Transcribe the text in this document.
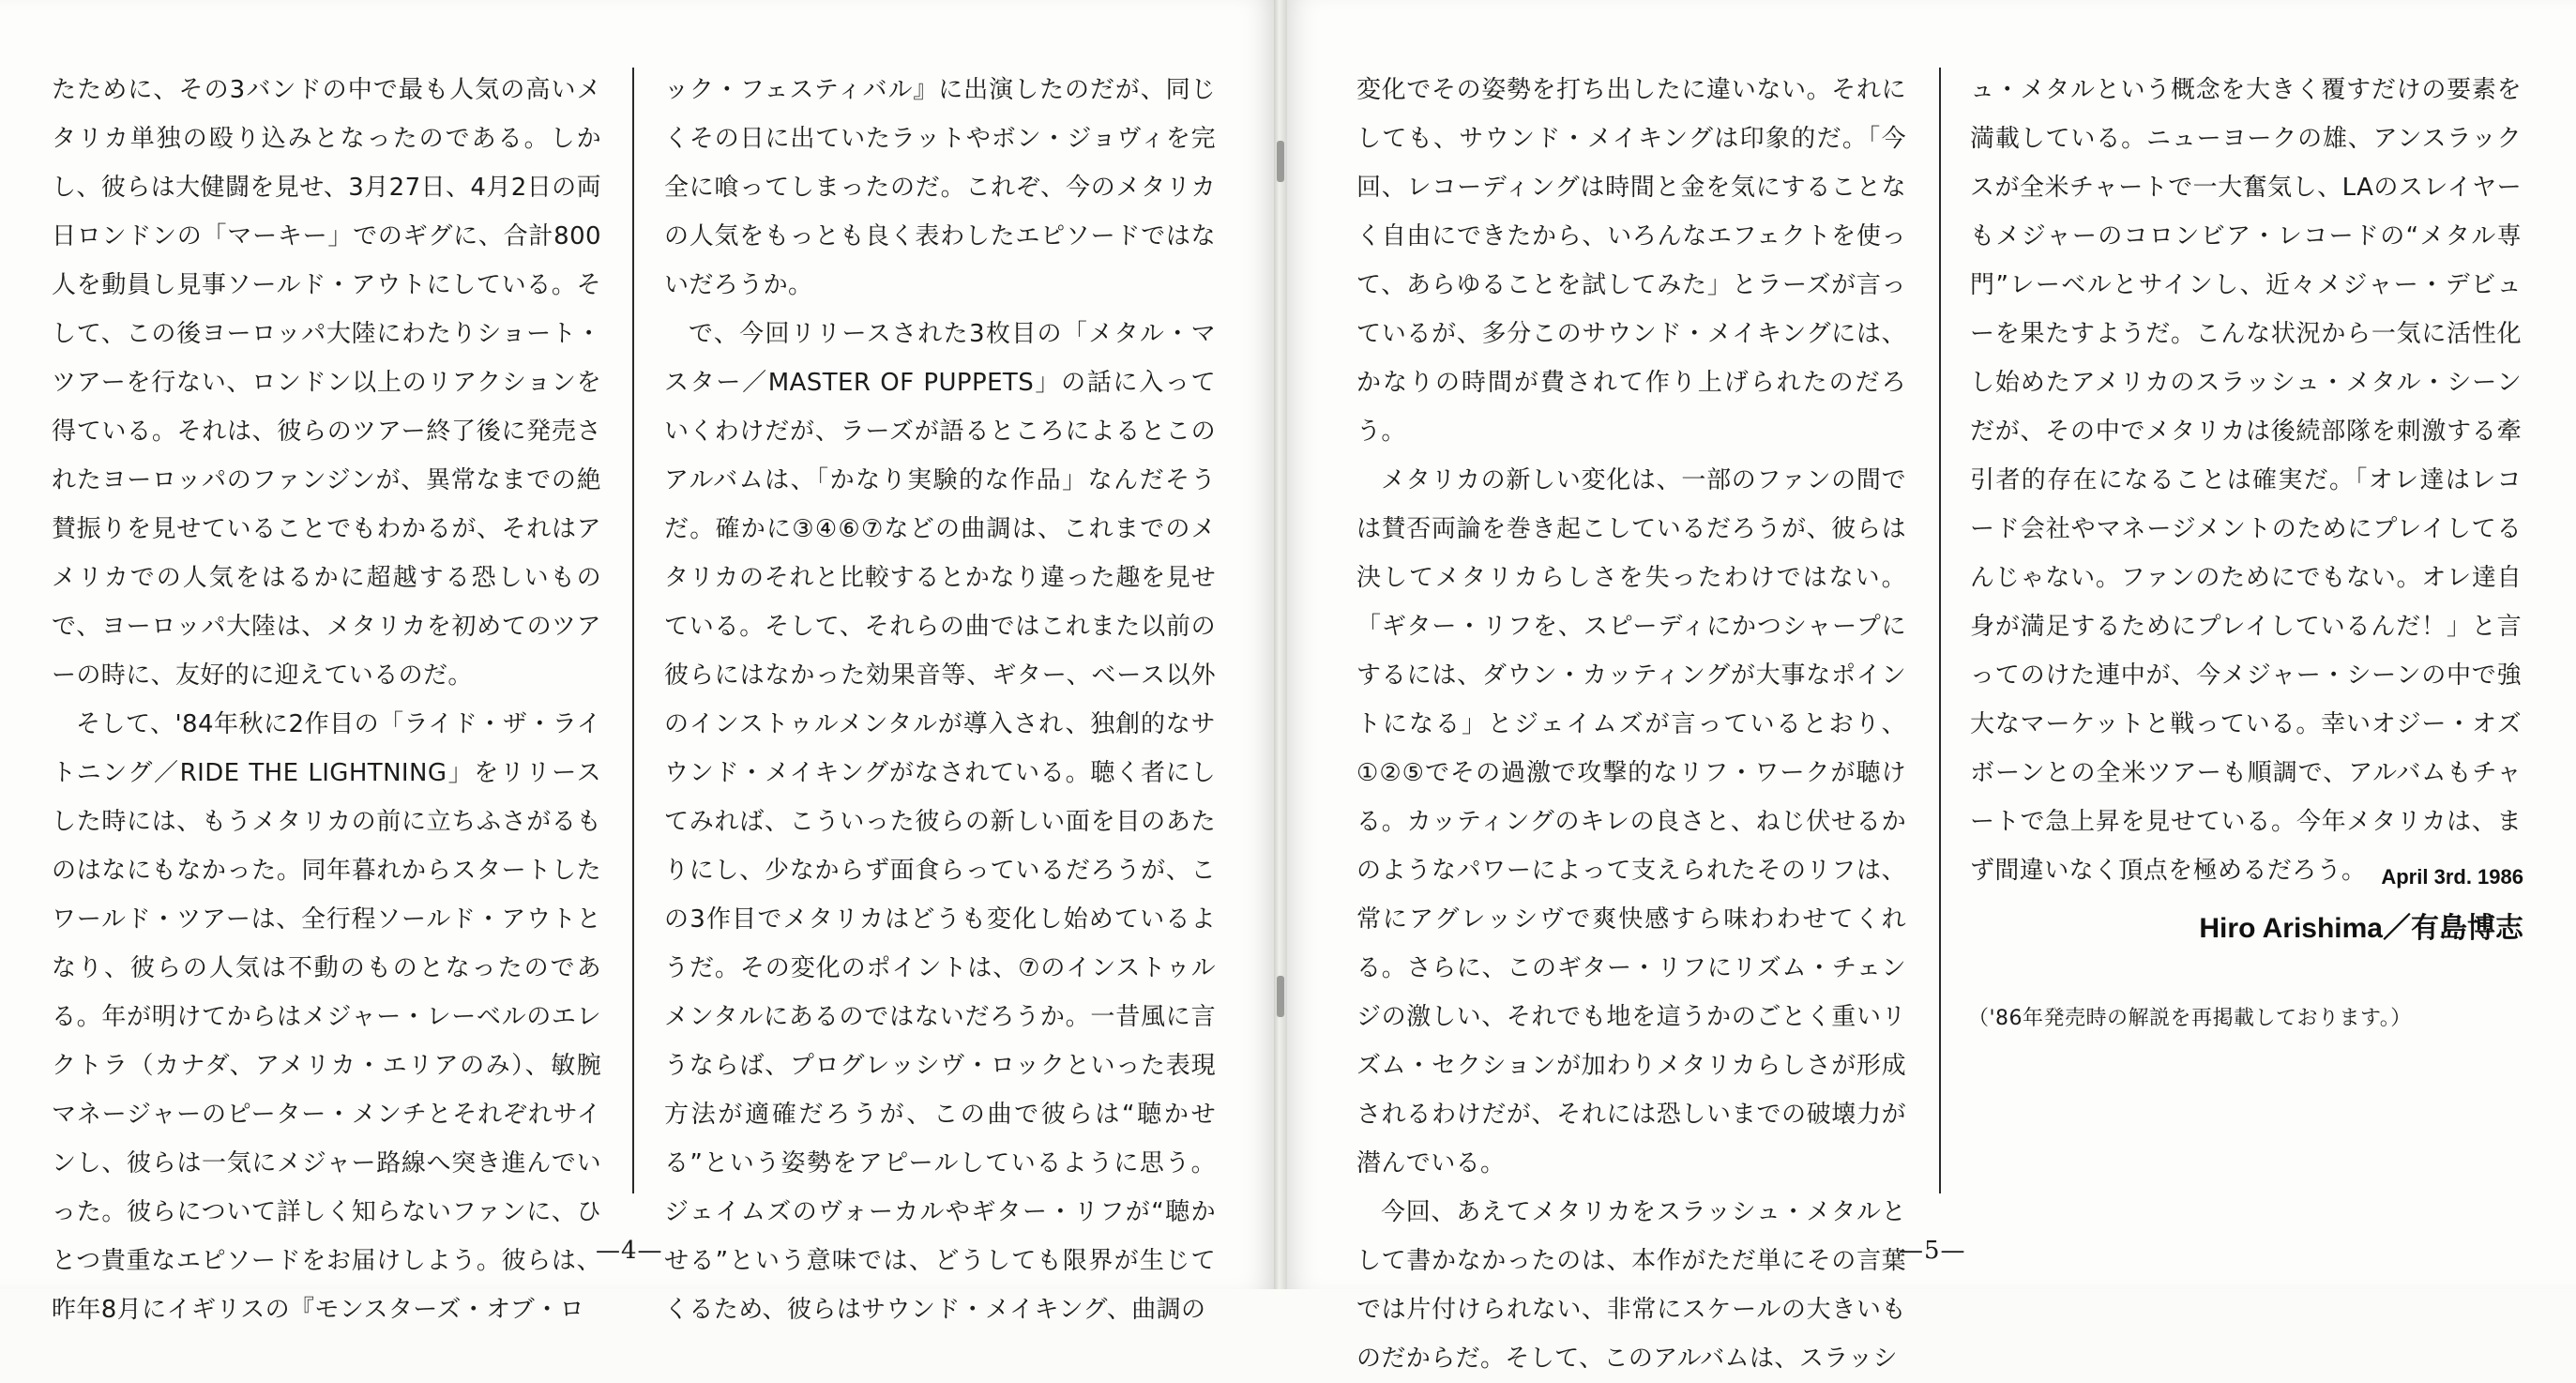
たために、その3バンドの中で最も人気の高いメタリカ単独の殴り込みとなったのである。しかし、彼らは大健闘を見せ、3月27日、4月2日の両日ロンドンの「マーキー」でのギグに、合計800人を動員し見事ソールド・アウトにしている。そして、この後ヨーロッパ大陸にわたりショート・ツアーを行ない、ロンドン以上のリアクションを得ている。それは、彼らのツアー終了後に発売されたヨーロッパのファンジンが、異常なまでの絶賛振りを見せていることでもわかるが、それはアメリカでの人気をはるかに超越する恐しいもので、ヨーロッパ大陸は、メタリカを初めてのツアーの時に、友好的に迎えているのだ。

そして、'84年秋に2作目の「ライド・ザ・ライトニング／RIDE THE LIGHTNING」をリリースした時には、もうメタリカの前に立ちふさがるものはなにもなかった。同年暮れからスタートしたワールド・ツアーは、全行程ソールド・アウトとなり、彼らの人気は不動のものとなったのである。年が明けてからはメジャー・レーベルのエレクトラ（カナダ、アメリカ・エリアのみ）、敏腕マネージャーのピーター・メンチとそれぞれサインし、彼らは一気にメジャー路線へ突き進んでいった。彼らについて詳しく知らないファンに、ひとつ貴重なエピソードをお届けしよう。彼らは、昨年8月にイギリスの『モンスターズ・オブ・ロ

ック・フェスティバル』に出演したのだが、同じくその日に出ていたラットやボン・ジョヴィを完全に喰ってしまったのだ。これぞ、今のメタリカの人気をもっとも良く表わしたエピソードではないだろうか。

で、今回リリースされた3枚目の「メタル・マスター／MASTER OF PUPPETS」の話に入っていくわけだが、ラーズが語るところによるとこのアルバムは、「かなり実験的な作品」なんだそうだ。確かに③④⑥⑦などの曲調は、これまでのメタリカのそれと比較するとかなり違った趣を見せている。そして、それらの曲ではこれまた以前の彼らにはなかった効果音等、ギター、ベース以外のインストゥルメンタルが導入され、独創的なサウンド・メイキングがなされている。聴く者にしてみれば、こういった彼らの新しい面を目のあたりにし、少なからず面食らっているだろうが、この3作目でメタリカはどうも変化し始めているようだ。その変化のポイントは、⑦のインストゥルメンタルにあるのではないだろうか。一昔風に言うならば、プログレッシヴ・ロックといった表現方法が適確だろうが、この曲で彼らは“聴かせる”という姿勢をアピールしているように思う。ジェイムズのヴォーカルやギター・リフが“聴かせる”という意味では、どうしても限界が生じてくるため、彼らはサウンド・メイキング、曲調の

—4—

変化でその姿勢を打ち出したに違いない。それにしても、サウンド・メイキングは印象的だ。「今回、レコーディングは時間と金を気にすることなく自由にできたから、いろんなエフェクトを使って、あらゆることを試してみた」とラーズが言っているが、多分このサウンド・メイキングには、かなりの時間が費されて作り上げられたのだろう。

メタリカの新しい変化は、一部のファンの間では賛否両論を巻き起こしているだろうが、彼らは決してメタリカらしさを失ったわけではない。「ギター・リフを、スピーディにかつシャープにするには、ダウン・カッティングが大事なポイントになる」とジェイムズが言っているとおり、①②⑤でその過激で攻撃的なリフ・ワークが聴ける。カッティングのキレの良さと、ねじ伏せるかのようなパワーによって支えられたそのリフは、常にアグレッシヴで爽快感すら味わわせてくれる。さらに、このギター・リフにリズム・チェンジの激しい、それでも地を這うかのごとく重いリズム・セクションが加わりメタリカらしさが形成されるわけだが、それには恐しいまでの破壊力が潜んでいる。

今回、あえてメタリカをスラッシュ・メタルとして書かなかったのは、本作がただ単にその言葉では片付けられない、非常にスケールの大きいものだからだ。そして、このアルバムは、スラッシ

ュ・メタルという概念を大きく覆すだけの要素を満載している。ニューヨークの雄、アンスラックスが全米チャートで一大奮気し、LAのスレイヤーもメジャーのコロンビア・レコードの“メタル専門”レーベルとサインし、近々メジャー・デビューを果たすようだ。こんな状況から一気に活性化し始めたアメリカのスラッシュ・メタル・シーンだが、その中でメタリカは後続部隊を刺激する牽引者的存在になることは確実だ。「オレ達はレコード会社やマネージメントのためにプレイしてるんじゃない。ファンのためにでもない。オレ達自身が満足するためにプレイしているんだ！」と言ってのけた連中が、今メジャー・シーンの中で強大なマーケットと戦っている。幸いオジー・オズボーンとの全米ツアーも順調で、アルバムもチャートで急上昇を見せている。今年メタリカは、まず間違いなく頂点を極めるだろう。

—5—
April 3rd. 1986
Hiro Arishima／有島博志
（'86年発売時の解説を再掲載しております。）
